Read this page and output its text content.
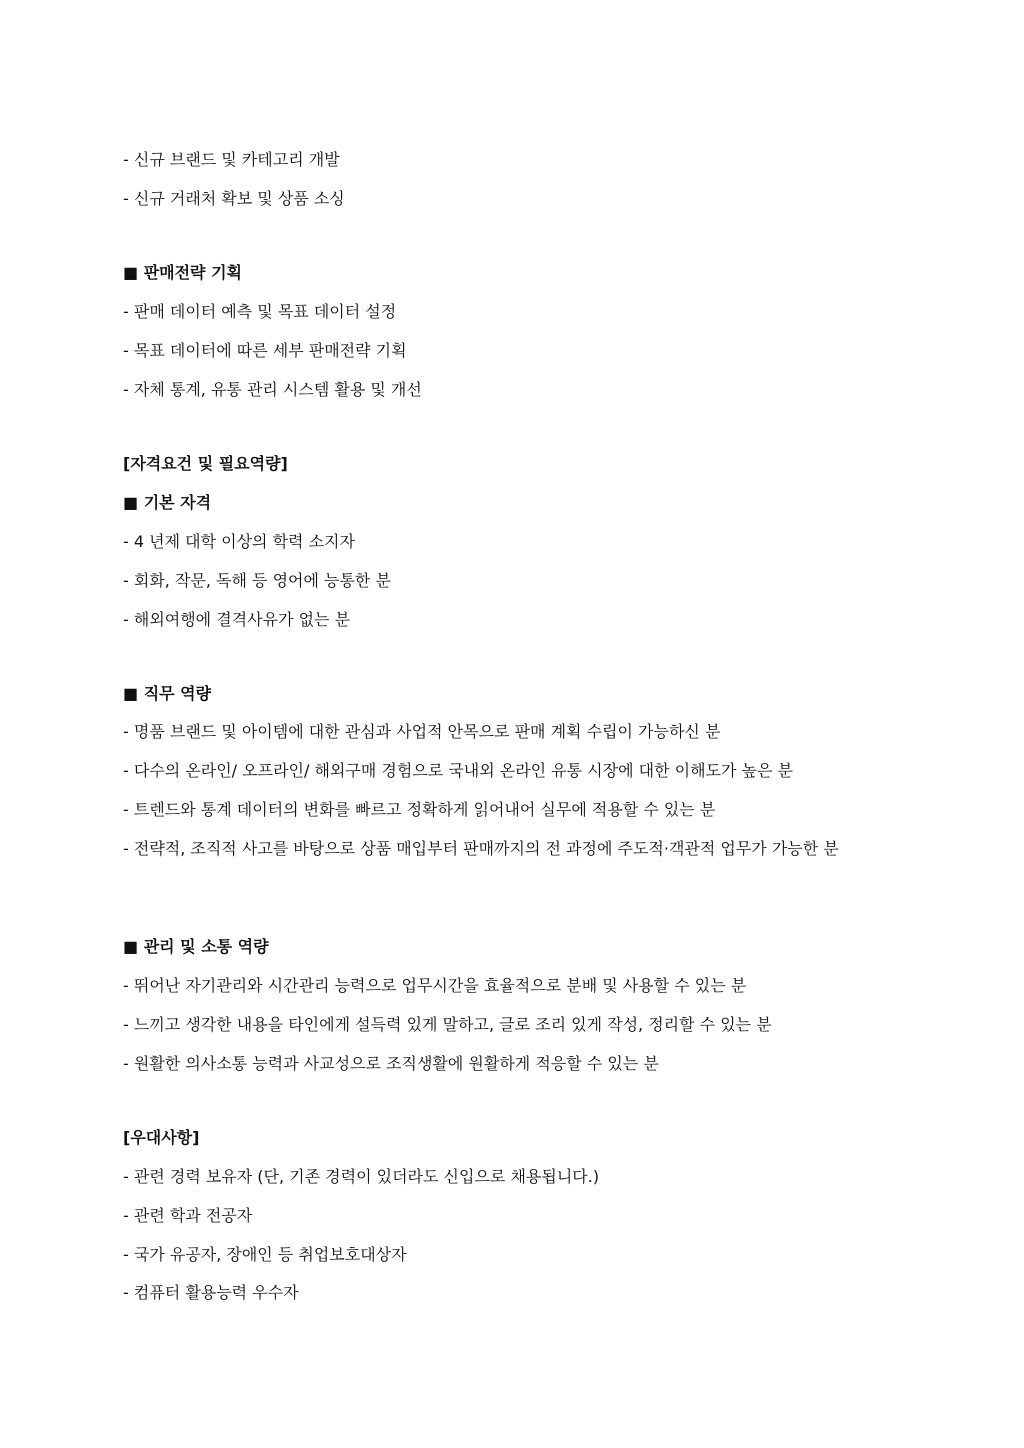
- 신규 브랜드 및 카테고리 개발
- 신규 거래처 확보 및 상품 소싱
■ 판매전략 기획
- 판매 데이터 예측 및 목표 데이터 설정
- 목표 데이터에 따른 세부 판매전략 기획
- 자체 통계, 유통 관리 시스템 활용 및 개선
[자격요건 및 필요역량]
■ 기본 자격
- 4 년제 대학 이상의 학력 소지자
- 회화, 작문, 독해 등 영어에 능통한 분
- 해외여행에 결격사유가 없는 분
■ 직무 역량
- 명품 브랜드 및 아이템에 대한 관심과 사업적 안목으로 판매 계획 수립이 가능하신 분
- 다수의 온라인/ 오프라인/ 해외구매 경험으로 국내외 온라인 유통 시장에 대한 이해도가 높은 분
- 트렌드와 통계 데이터의 변화를 빠르고 정확하게 읽어내어 실무에 적용할 수 있는 분
- 전략적, 조직적 사고를 바탕으로 상품 매입부터 판매까지의 전 과정에 주도적·객관적 업무가 가능한 분
■ 관리 및 소통 역량
- 뛰어난 자기관리와 시간관리 능력으로 업무시간을 효율적으로 분배 및 사용할 수 있는 분
- 느끼고 생각한 내용을 타인에게 설득력 있게 말하고, 글로 조리 있게 작성, 정리할 수 있는 분
- 원활한 의사소통 능력과 사교성으로 조직생활에 원활하게 적응할 수 있는 분
[우대사항]
- 관련 경력 보유자 (단, 기존 경력이 있더라도 신입으로 채용됩니다.)
- 관련 학과 전공자
- 국가 유공자, 장애인 등 취업보호대상자
- 컴퓨터 활용능력 우수자
